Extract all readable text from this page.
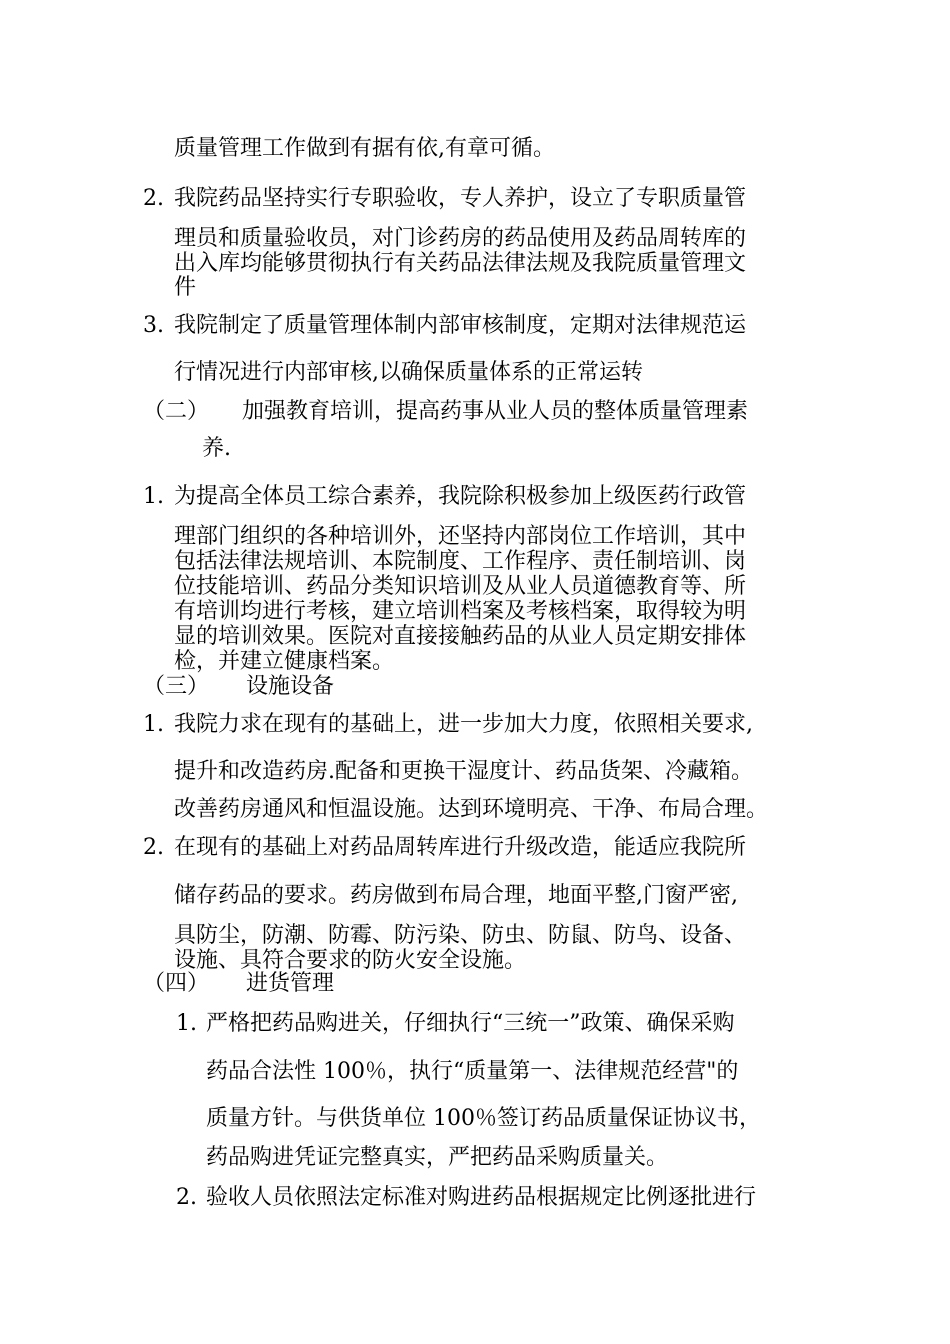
质量管理工作做到有据有依,有章可循。
2. 我院药品坚持实行专职验收，专人养护，设立了专职质量管
理员和质量验收员，对门诊药房的药品使用及药品周转库的
出入库均能够贯彻执行有关药品法律法规及我院质量管理文
件
3. 我院制定了质量管理体制内部审核制度，定期对法律规范运
行情况进行内部审核,以确保质量体系的正常运转
（二） 加强教育培训，提高药事从业人员的整体质量管理素
养.
1. 为提高全体员工综合素养，我院除积极参加上级医药行政管
理部门组织的各种培训外，还坚持内部岗位工作培训，其中
包括法律法规培训、本院制度、工作程序、责任制培训、岗
位技能培训、药品分类知识培训及从业人员道德教育等、所
有培训均进行考核，建立培训档案及考核档案，取得较为明
显的培训效果。医院对直接接触药品的从业人员定期安排体
检，并建立健康档案。
（三） 设施设备
1. 我院力求在现有的基础上，进一步加大力度，依照相关要求,
提升和改造药房.配备和更换干湿度计、药品货架、冷藏箱。
改善药房通风和恒温设施。达到环境明亮、干净、布局合理。
2. 在现有的基础上对药品周转库进行升级改造，能适应我院所
储存药品的要求。药房做到布局合理，地面平整,门窗严密,
具防尘，防潮、防霉、防污染、防虫、防鼠、防鸟、设备、
设施、具符合要求的防火安全设施。
（四） 进货管理
1. 严格把药品购进关，仔细执行“三统一”政策、确保采购
药品合法性 100％，执行“质量第一、法律规范经营"的
质量方针。与供货单位 100％签订药品质量保证协议书，
药品购进凭证完整真实，严把药品采购质量关。
2. 验收人员依照法定标准对购进药品根据规定比例逐批进行
